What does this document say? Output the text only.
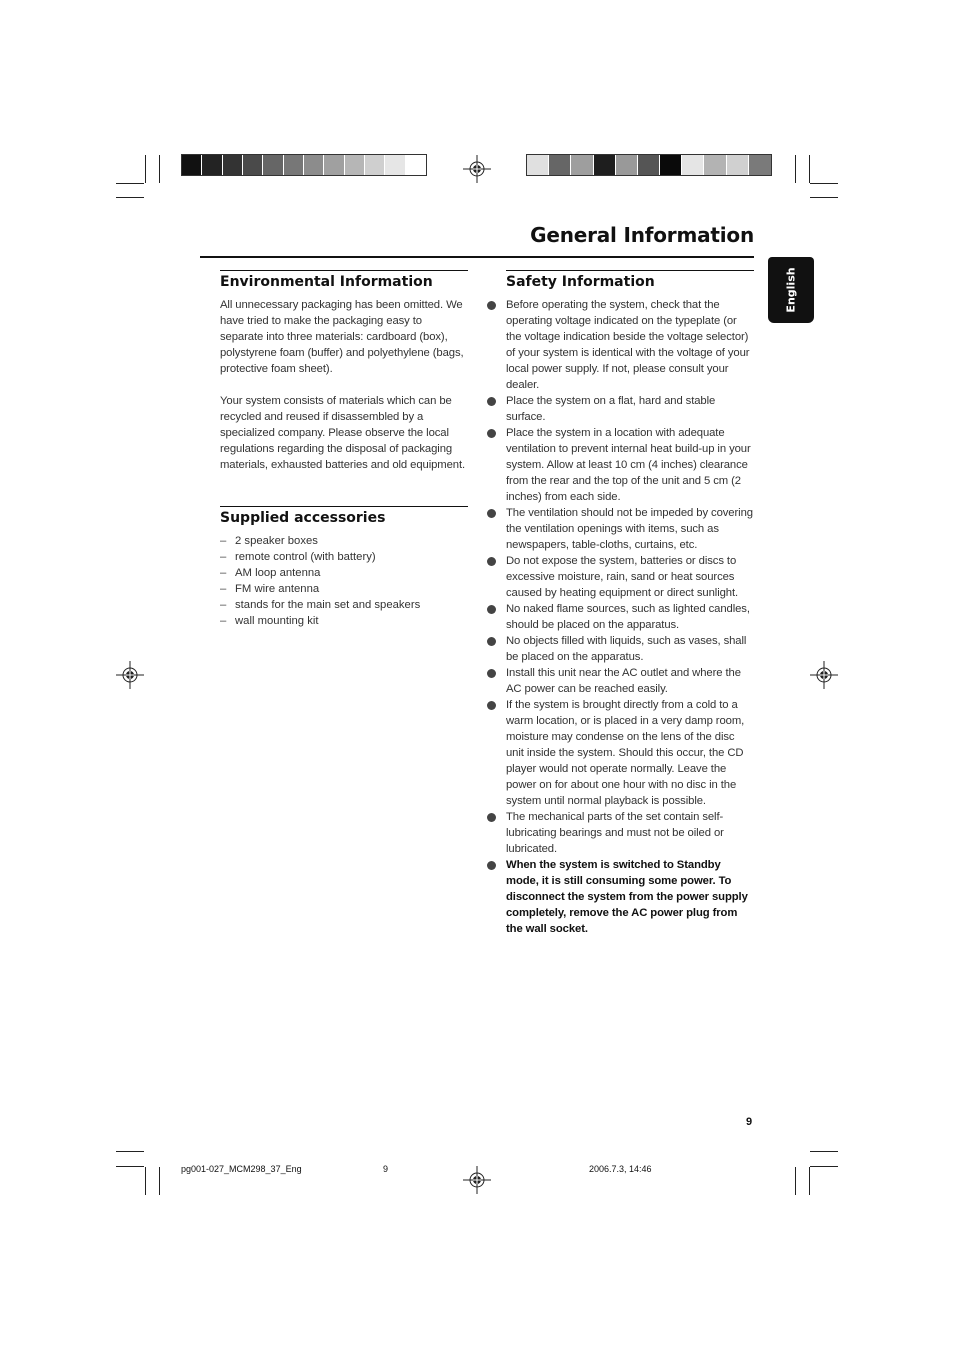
General Information
English
Environmental Information

All unnecessary packaging has been omitted. We have tried to make the packaging easy to separate into three materials: cardboard (box), polystyrene foam (buffer) and polyethylene (bags, protective foam sheet).

Your system consists of materials which can be recycled and reused if disassembled by a specialized company. Please observe the local regulations regarding the disposal of packaging materials, exhausted batteries and old equipment.

Supplied accessories
– 2 speaker boxes
– remote control (with battery)
– AM loop antenna
– FM wire antenna
– stands for the main set and speakers
– wall mounting kit
Safety Information
Before operating the system, check that the operating voltage indicated on the typeplate (or the voltage indication beside the voltage selector) of your system is identical with the voltage of your local power supply. If not, please consult your dealer.
Place the system on a flat, hard and stable surface.
Place the system in a location with adequate ventilation to prevent internal heat build-up in your system. Allow at least 10 cm (4 inches) clearance from the rear and the top of the unit and 5 cm (2 inches) from each side.
The ventilation should not be impeded by covering the ventilation openings with items, such as newspapers, table-cloths, curtains, etc.
Do not expose the system, batteries or discs to excessive moisture, rain, sand or heat sources caused by heating equipment or direct sunlight.
No naked flame sources, such as lighted candles, should be placed on the apparatus.
No objects filled with liquids, such as vases, shall be placed on the apparatus.
Install this unit near the AC outlet and where the AC power can be reached easily.
If the system is brought directly from a cold to a warm location, or is placed in a very damp room, moisture may condense on the lens of the disc unit inside the system. Should this occur, the CD player would not operate normally. Leave the power on for about one hour with no disc in the system until normal playback is possible.
The mechanical parts of the set contain self-lubricating bearings and must not be oiled or lubricated.
When the system is switched to Standby mode, it is still consuming some power. To disconnect the system from the power supply completely, remove the AC power plug from the wall socket.
9
pg001-027_MCM298_37_Eng	9	2006.7.3, 14:46
